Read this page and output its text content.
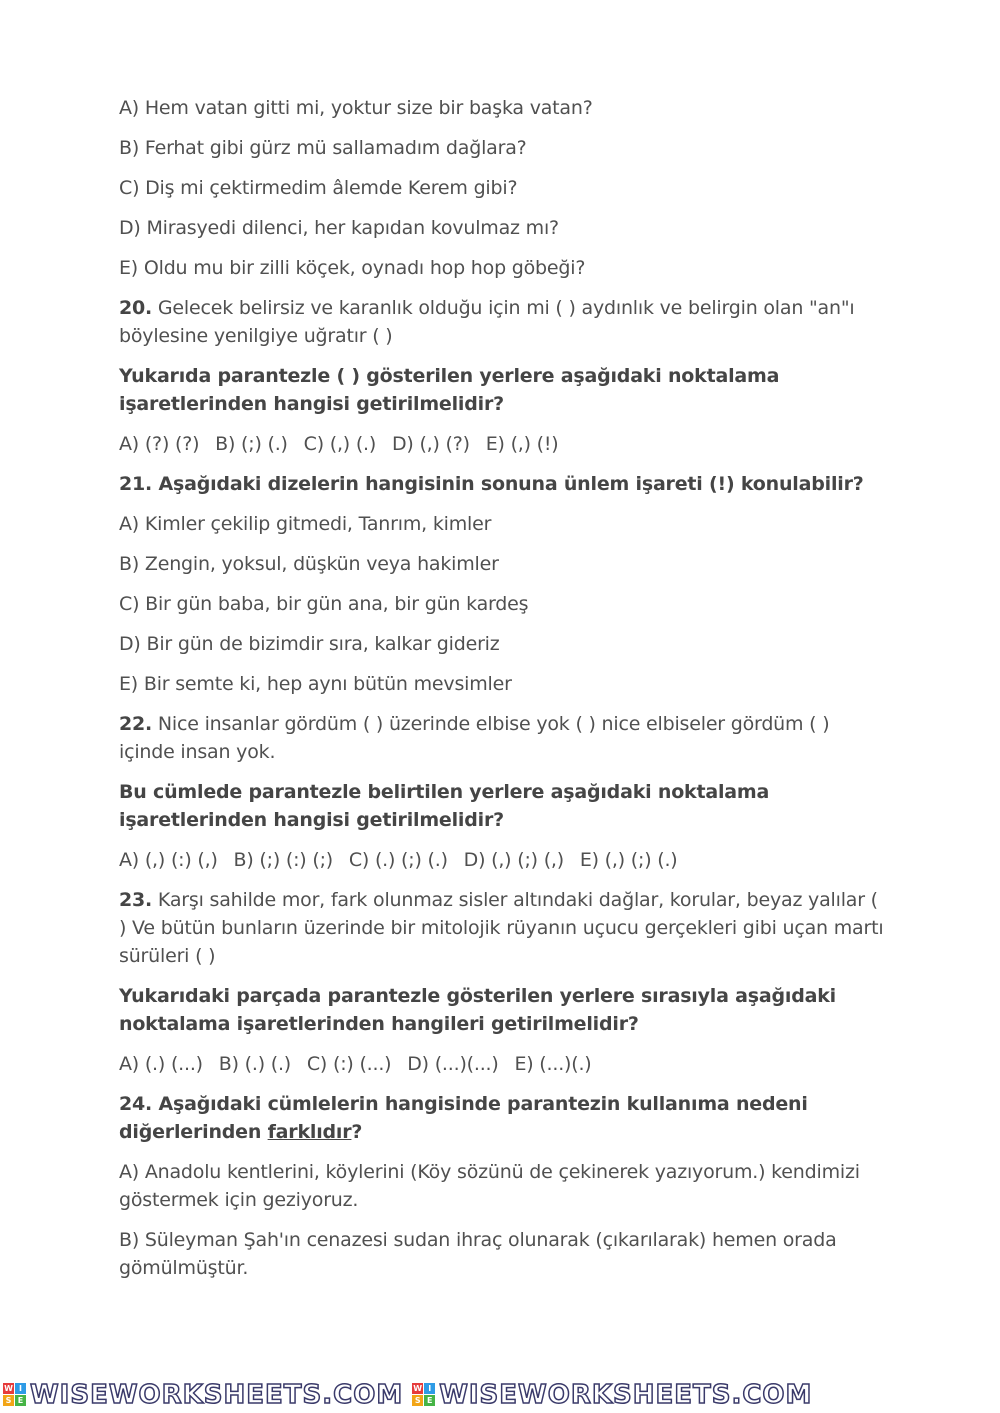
A) Hem vatan gitti mi, yoktur size bir başka vatan?
B) Ferhat gibi gürz mü sallamadım dağlara?
C) Diş mi çektirmedim âlemde Kerem gibi?
D) Mirasyedi dilenci, her kapıdan kovulmaz mı?
E) Oldu mu bir zilli köçek, oynadı hop hop göbeği?
20. Gelecek belirsiz ve karanlık olduğu için mi ( ) aydınlık ve belirgin olan "an"ı böylesine yenilgiye uğratır ( )
Yukarıda parantezle ( ) gösterilen yerlere aşağıdaki noktalama işaretlerinden hangisi getirilmelidir?
A) (?) (?) B) (;) (.) C) (,) (.) D) (,) (?) E) (,) (!)
21. Aşağıdaki dizelerin hangisinin sonuna ünlem işareti (!) konulabilir?
A) Kimler çekilip gitmedi, Tanrım, kimler
B) Zengin, yoksul, düşkün veya hakimler
C) Bir gün baba, bir gün ana, bir gün kardeş
D) Bir gün de bizimdir sıra, kalkar gideriz
E) Bir semte ki, hep aynı bütün mevsimler
22. Nice insanlar gördüm ( ) üzerinde elbise yok ( ) nice elbiseler gördüm ( ) içinde insan yok.
Bu cümlede parantezle belirtilen yerlere aşağıdaki noktalama işaretlerinden hangisi getirilmelidir?
A) (,) (:) (,) B) (;) (:) (;) C) (.) (;) (.) D) (,) (;) (,) E) (,) (;) (.)
23. Karşı sahilde mor, fark olunmaz sisler altındaki dağlar, korular, beyaz yalılar ( ) Ve bütün bunların üzerinde bir mitolojik rüyanın uçucu gerçekleri gibi uçan martı sürüleri ( )
Yukarıdaki parçada parantezle gösterilen yerlere sırasıyla aşağıdaki noktalama işaretlerinden hangileri getirilmelidir?
A) (.) (...) B) (.) (.) C) (:) (...) D) (...)(...) E) (...)(.)
24. Aşağıdaki cümlelerin hangisinde parantezin kullanıma nedeni diğerlerinden farklıdır?
A) Anadolu kentlerini, köylerini (Köy sözünü de çekinerek yazıyorum.) kendimizi göstermek için geziyoruz.
B) Süleyman Şah'ın cenazesi sudan ihraç olunarak (çıkarılarak) hemen orada gömülmüştür.
W I
S E WISEWORKSHEETS.COM W I
S E WISEWORKSHEETS.COM
